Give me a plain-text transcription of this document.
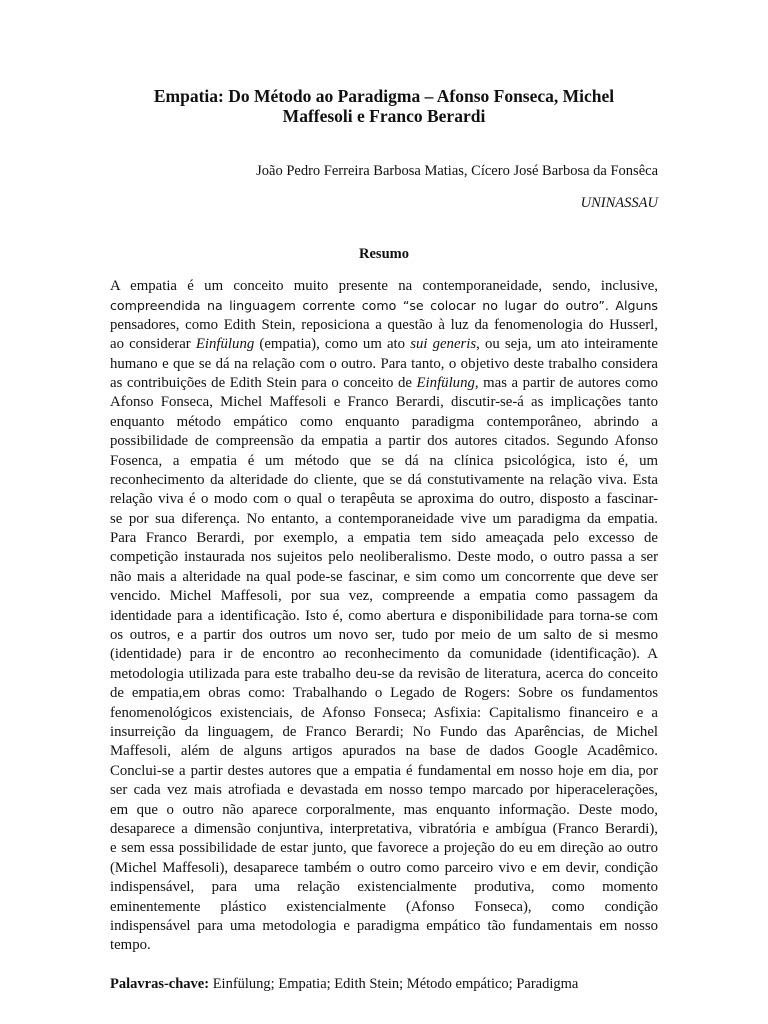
Empatia: Do Método ao Paradigma – Afonso Fonseca, Michel
Maffesoli e Franco Berardi
João Pedro Ferreira Barbosa Matias, Cícero José Barbosa da Fonsêca
UNINASSAU
Resumo
A empatia é um conceito muito presente na contemporaneidade, sendo, inclusive,
compreendida na linguagem corrente como “se colocar no lugar do outro”. Alguns
pensadores, como Edith Stein, reposiciona a questão à luz da fenomenologia do Husserl,
ao considerar Einfülung (empatia), como um ato sui generis, ou seja, um ato inteiramente
humano e que se dá na relação com o outro. Para tanto, o objetivo deste trabalho considera
as contribuições de Edith Stein para o conceito de Einfülung, mas a partir de autores como
Afonso Fonseca, Michel Maffesoli e Franco Berardi, discutir-se-á as implicações tanto
enquanto método empático como enquanto paradigma contemporâneo, abrindo a
possibilidade de compreensão da empatia a partir dos autores citados. Segundo Afonso
Fosenca, a empatia é um método que se dá na clínica psicológica, isto é, um
reconhecimento da alteridade do cliente, que se dá constutivamente na relação viva. Esta
relação viva é o modo com o qual o terapêuta se aproxima do outro, disposto a fascinar-
se por sua diferença. No entanto, a contemporaneidade vive um paradigma da empatia.
Para Franco Berardi, por exemplo, a empatia tem sido ameaçada pelo excesso de
competição instaurada nos sujeitos pelo neoliberalismo. Deste modo, o outro passa a ser
não mais a alteridade na qual pode-se fascinar, e sim como um concorrente que deve ser
vencido. Michel Maffesoli, por sua vez, compreende a empatia como passagem da
identidade para a identificação. Isto é, como abertura e disponibilidade para torna-se com
os outros, e a partir dos outros um novo ser, tudo por meio de um salto de si mesmo
(identidade) para ir de encontro ao reconhecimento da comunidade (identificação). A
metodologia utilizada para este trabalho deu-se da revisão de literatura, acerca do conceito
de empatia,em obras como: Trabalhando o Legado de Rogers: Sobre os fundamentos
fenomenológicos existenciais, de Afonso Fonseca; Asfixia: Capitalismo financeiro e a
insurreição da linguagem, de Franco Berardi; No Fundo das Aparências, de Michel
Maffesoli, além de alguns artigos apurados na base de dados Google Acadêmico.
Conclui-se a partir destes autores que a empatia é fundamental em nosso hoje em dia, por
ser cada vez mais atrofiada e devastada em nosso tempo marcado por hiperacelerações,
em que o outro não aparece corporalmente, mas enquanto informação. Deste modo,
desaparece a dimensão conjuntiva, interpretativa, vibratória e ambígua (Franco Berardi),
e sem essa possibilidade de estar junto, que favorece a projeção do eu em direção ao outro
(Michel Maffesoli), desaparece também o outro como parceiro vivo e em devir, condição
indispensável, para uma relação existencialmente produtiva, como momento
eminentemente plástico existencialmente (Afonso Fonseca), como condição
indispensável para uma metodologia e paradigma empático tão fundamentais em nosso
tempo.
Palavras-chave: Einfülung; Empatia; Edith Stein; Método empático; Paradigma
